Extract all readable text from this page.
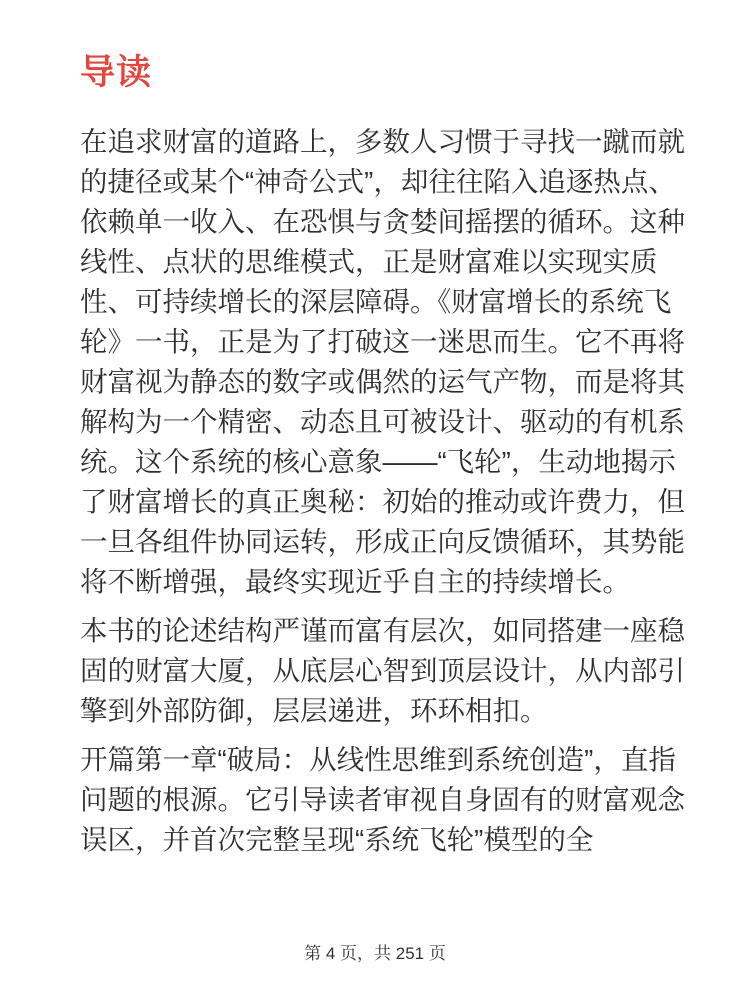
导读

在追求财富的道路上，多数人习惯于寻找一蹴而就的捷径或某个“神奇公式”，却往往陷入追逐热点、依赖单一收入、在恐惧与贪婪间摇摆的循环。这种线性、点状的思维模式，正是财富难以实现实质性、可持续增长的深层障碍。《财富增长的系统飞轮》一书，正是为了打破这一迷思而生。它不再将财富视为静态的数字或偶然的运气产物，而是将其解构为一个精密、动态且可被设计、驱动的有机系统。这个系统的核心意象——“飞轮”，生动地揭示了财富增长的真正奥秘：初始的推动或许费力，但一旦各组件协同运转，形成正向反馈循环，其势能将不断增强，最终实现近乎自主的持续增长。

本书的论述结构严谨而富有层次，如同搭建一座稳固的财富大厦，从底层心智到顶层设计，从内部引擎到外部防御，层层递进，环环相扣。

开篇第一章“破局：从线性思维到系统创造”，直指问题的根源。它引导读者审视自身固有的财富观念误区，并首次完整呈现“系统飞轮”模型的全

第 4 页，共 251 页
